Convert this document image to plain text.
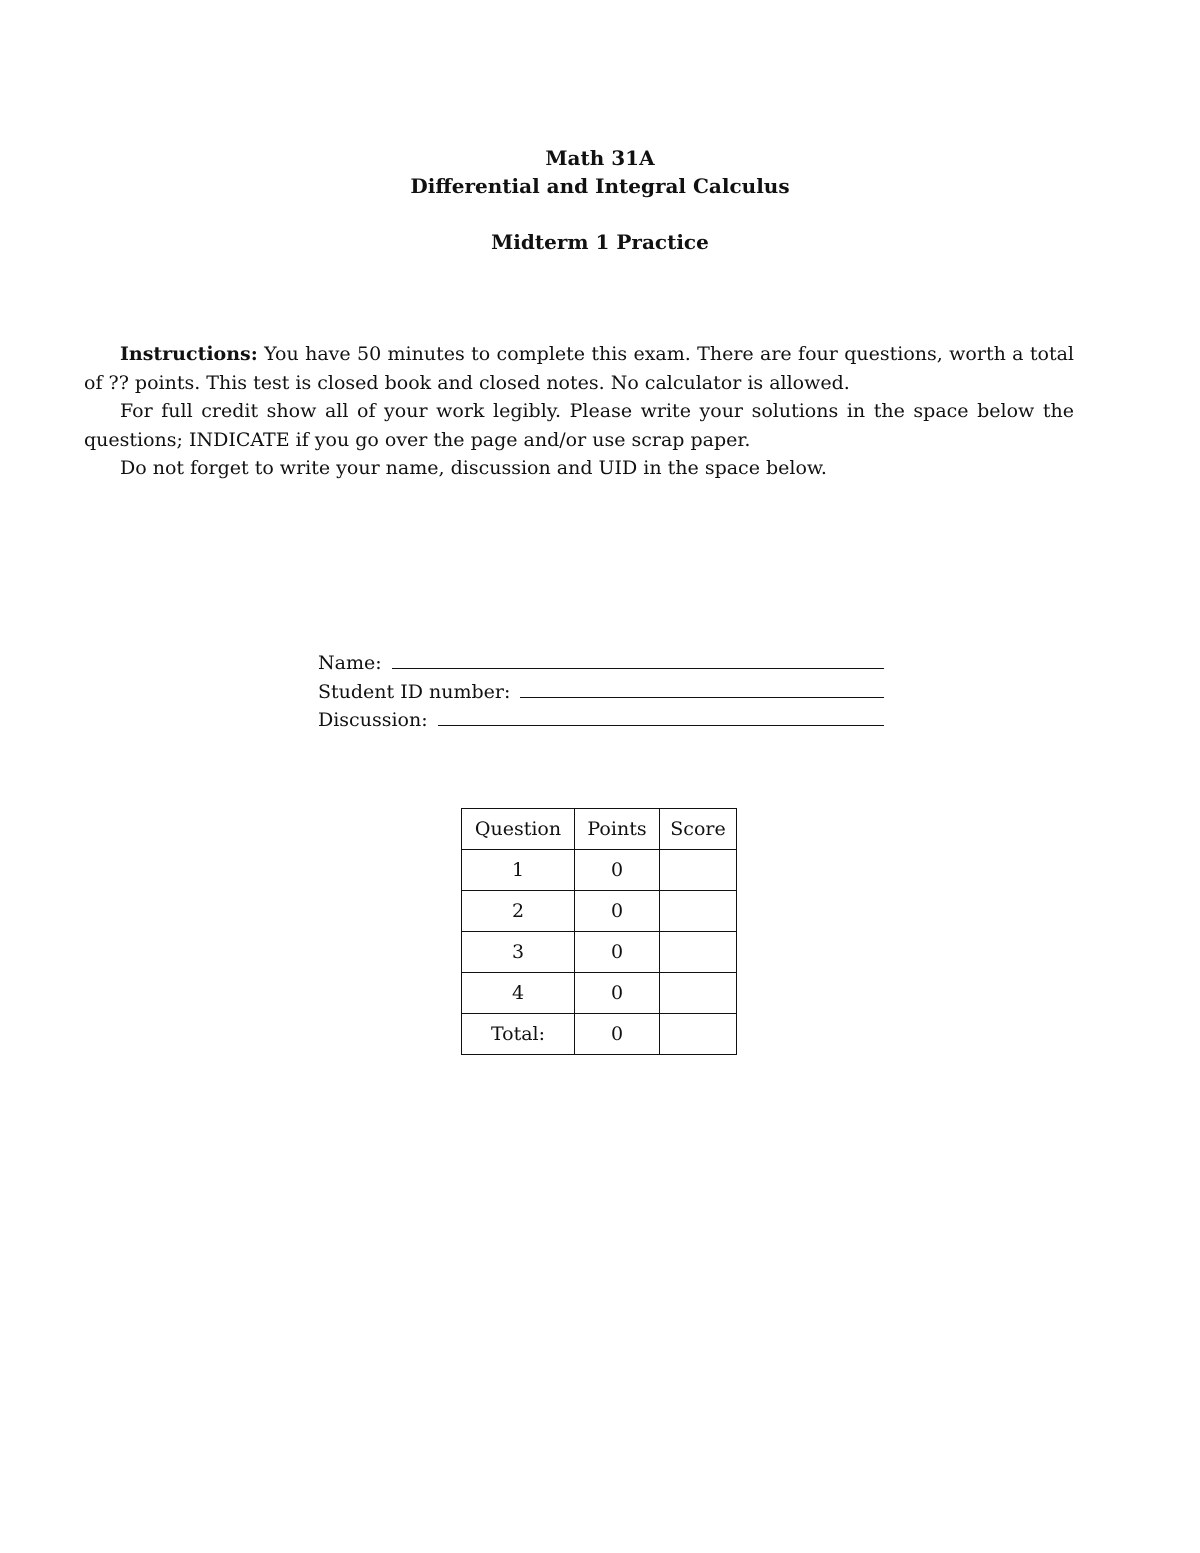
Math 31A
Differential and Integral Calculus
Midterm 1 Practice

Instructions: You have 50 minutes to complete this exam. There are four questions, worth a total of ?? points. This test is closed book and closed notes. No calculator is allowed.

For full credit show all of your work legibly. Please write your solutions in the space below the questions; INDICATE if you go over the page and/or use scrap paper.

Do not forget to write your name, discussion and UID in the space below.

Name:
Student ID number:
Discussion:
Question	Points	Score
1	0	
2	0	
3	0	
4	0	
Total:	0	
